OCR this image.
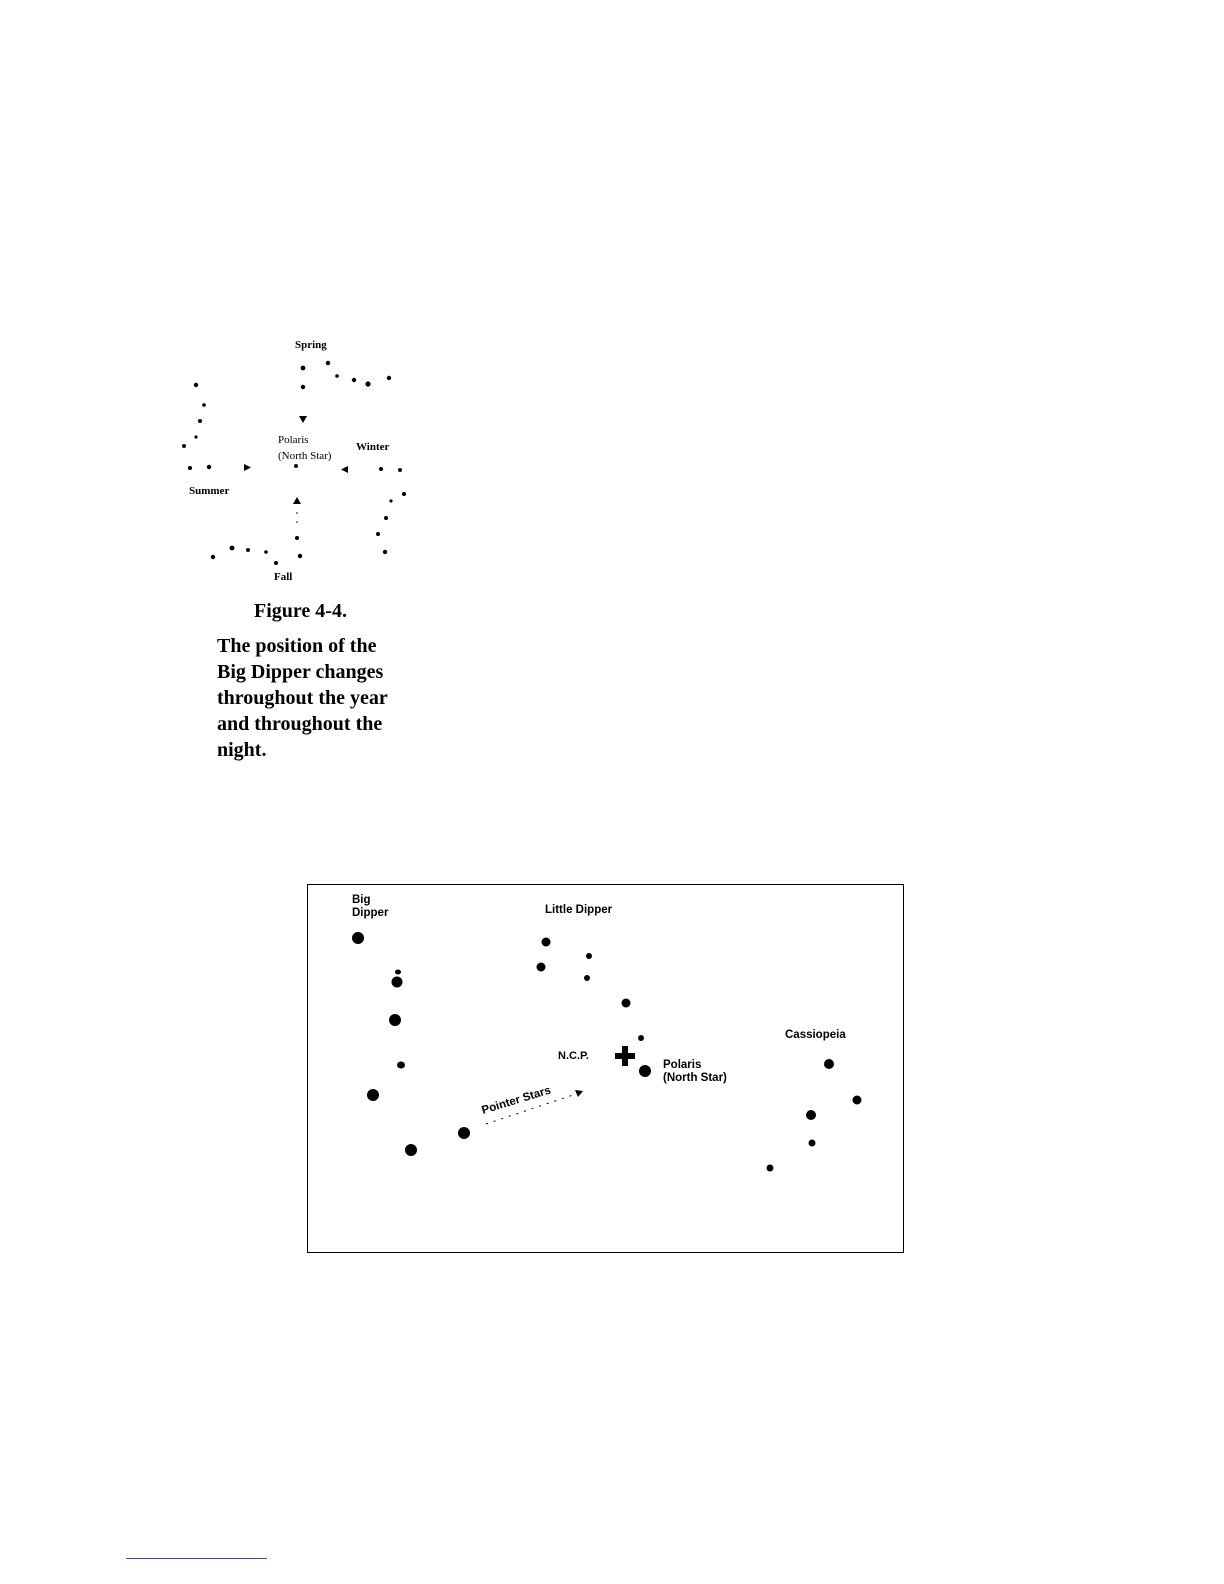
Spring
Polaris
(North Star)
Winter
Summer
Fall
Figure 4-4.
The position of the Big Dipper changes throughout the year and throughout the night.
Big
Dipper	Little Dipper
N.C.P.
Polaris
(North Star)
Cassiopeia
Pointer Stars
